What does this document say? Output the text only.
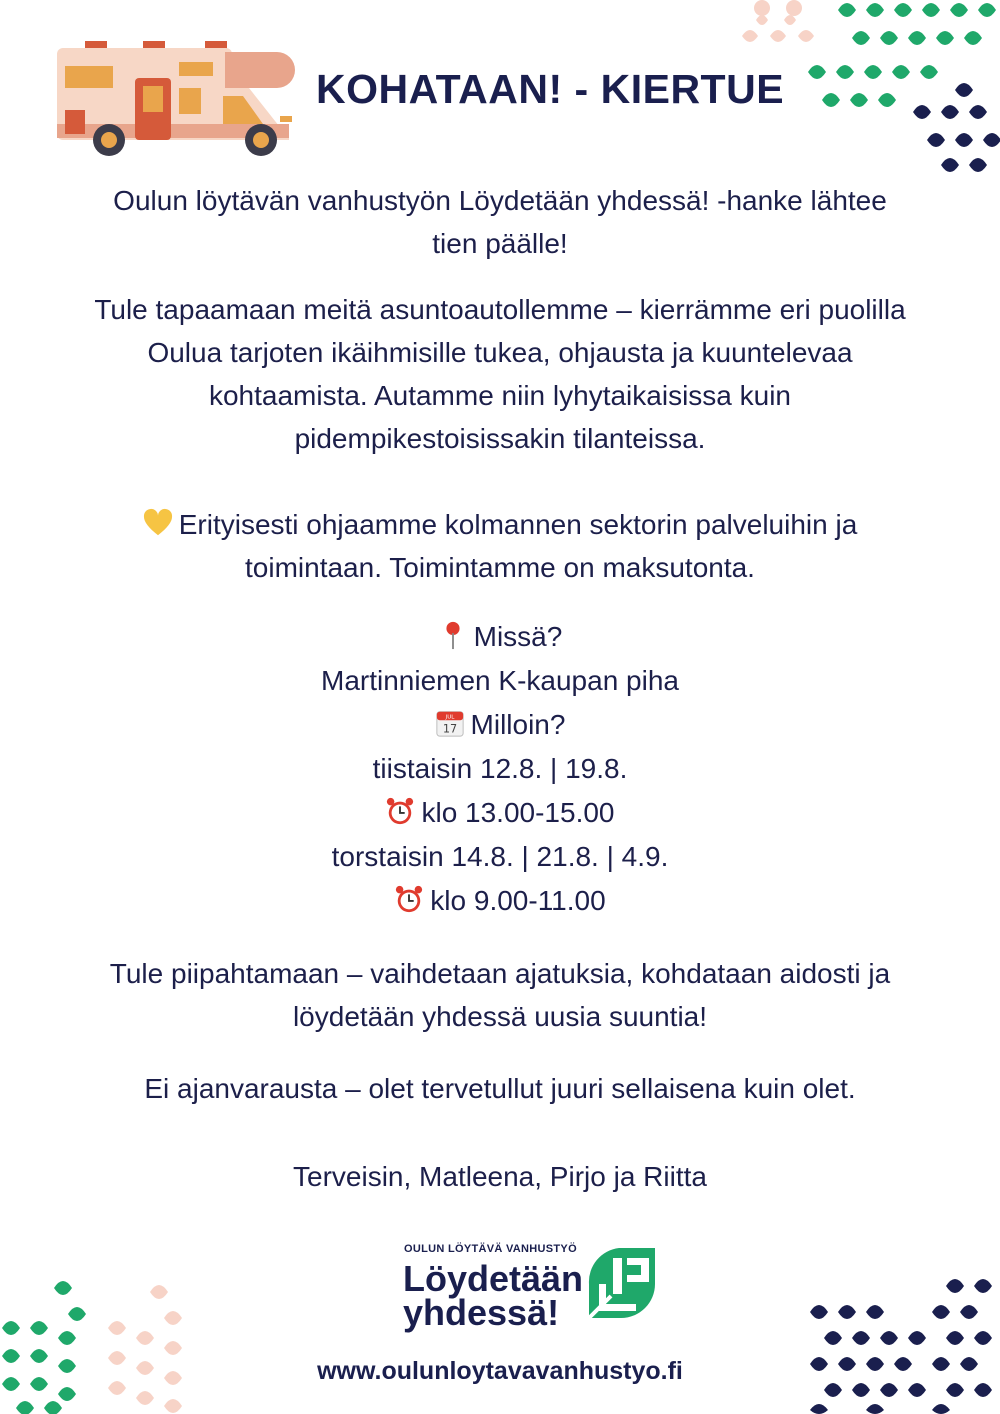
KOHATAAN! - KIERTUE
Oulun löytävän vanhustyön Löydetään yhdessä! -hanke lähtee
tien päälle!
Tule tapaamaan meitä asuntoautollemme – kierrämme eri puolilla
Oulua tarjoten ikäihmisille tukea, ohjausta ja kuuntelevaa
kohtaamista. Autamme niin lyhytaikaisissa kuin
pidempikestoisissakin tilanteissa.
Erityisesti ohjaamme kolmannen sektorin palveluihin ja
toimintaan. Toimintamme on maksutonta.
Missä?
Martinniemen K-kaupan piha
JUL
17 Milloin?
tiistaisin 12.8. | 19.8.
klo 13.00-15.00
torstaisin 14.8. | 21.8. | 4.9.
klo 9.00-11.00
Tule piipahtamaan – vaihdetaan ajatuksia, kohdataan aidosti ja
löydetään yhdessä uusia suuntia!
Ei ajanvarausta – olet tervetullut juuri sellaisena kuin olet.
Terveisin, Matleena, Pirjo ja Riitta
OULUN LÖYTÄVÄ VANHUSTYÖ
Löydetään
yhdessä!
www.oulunloytavavanhustyo.fi
